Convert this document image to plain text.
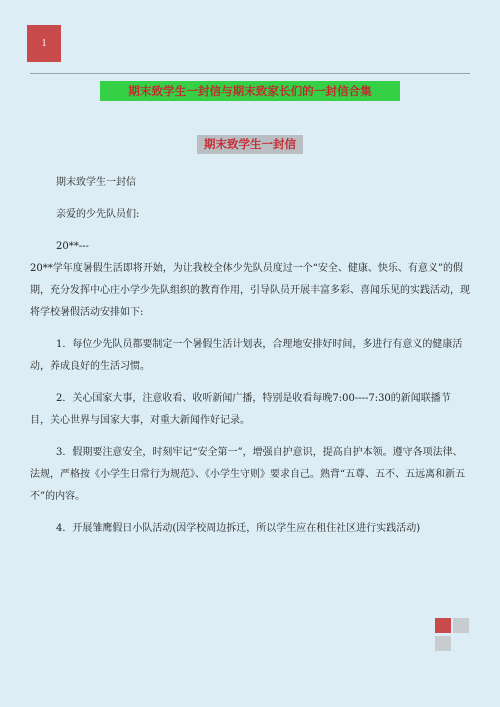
1
期末致学生一封信与期末致家长们的一封信合集
期末致学生一封信

期末致学生一封信

亲爱的少先队员们:

20**---

20**学年度暑假生活即将开始，为让我校全体少先队员度过一个“安全、健康、快乐、有意义”的假期，充分发挥中心庄小学少先队组织的教育作用，引导队员开展丰富多彩、喜闻乐见的实践活动，现将学校暑假活动安排如下:

1．每位少先队员都要制定一个暑假生活计划表，合理地安排好时间，多进行有意义的健康活动，养成良好的生活习惯。

2．关心国家大事，注意收看、收听新闻广播，特别是收看每晚7:00----7:30的新闻联播节目，关心世界与国家大事，对重大新闻作好记录。

3．假期要注意安全，时刻牢记“安全第一”，增强自护意识，提高自护本领。遵守各项法律、法规，严格按《小学生日常行为规范》、《小学生守则》要求自己。熟背“五尊、五不、五远离和新五不”的内容。

4．开展雏鹰假日小队活动(因学校周边拆迁，所以学生应在租住社区进行实践活动)
